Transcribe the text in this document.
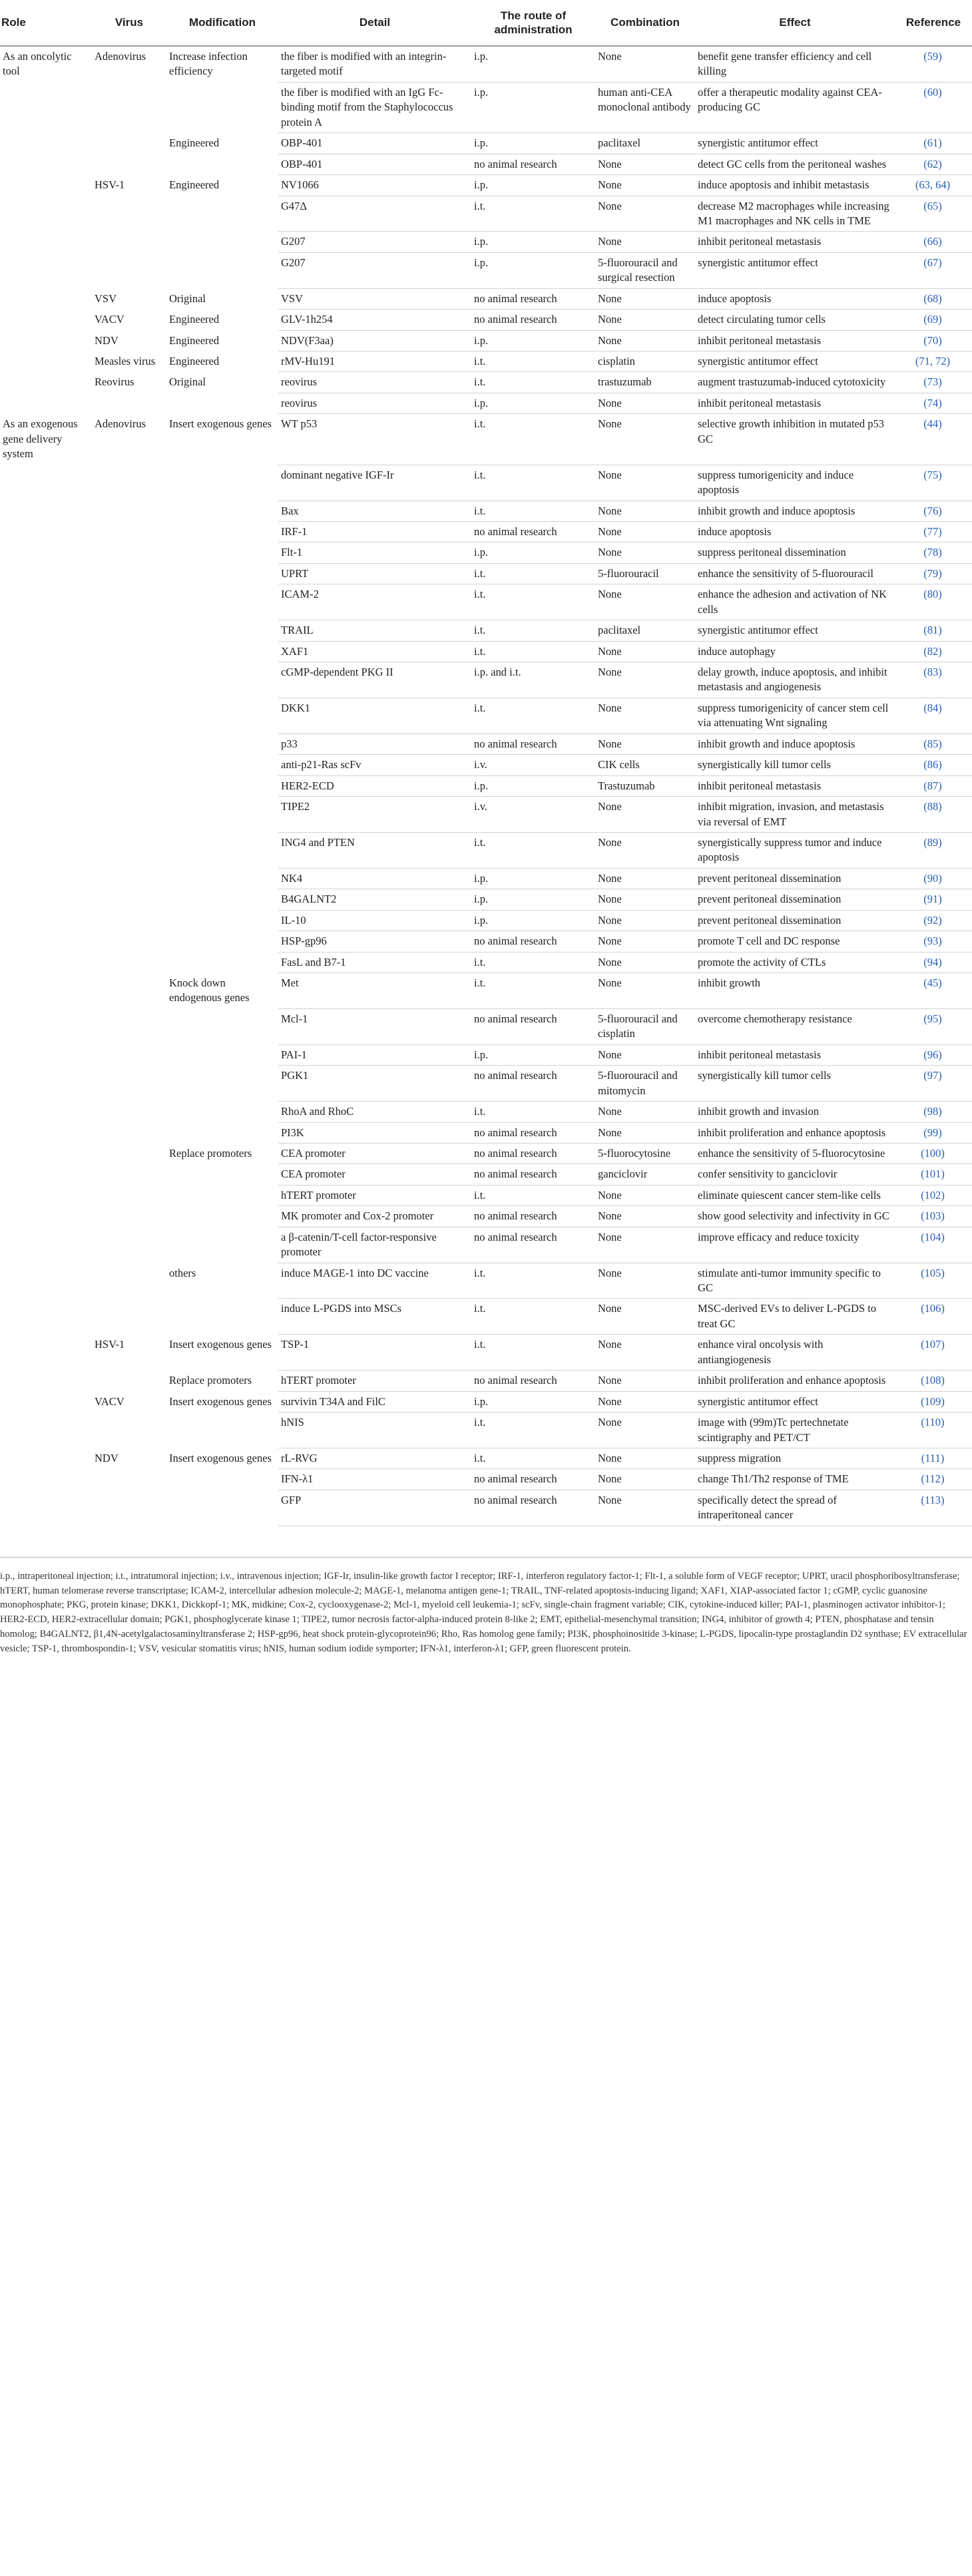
Role	Virus	Modification	Detail	The route of administration	Combination	Effect	Reference
As an oncolytic tool	Adenovirus	Increase infection efficiency	the fiber is modified with an integrin-targeted motif	i.p.	None	benefit gene transfer efficiency and cell killing	(59)
			the fiber is modified with an IgG Fc-binding motif from the Staphylococcus protein A	i.p.	human anti-CEA monoclonal antibody	offer a therapeutic modality against CEA-producing GC	(60)
		Engineered	OBP-401	i.p.	paclitaxel	synergistic antitumor effect	(61)
			OBP-401	no animal research	None	detect GC cells from the peritoneal washes	(62)
	HSV-1	Engineered	NV1066	i.p.	None	induce apoptosis and inhibit metastasis	(63, 64)
			G47Δ	i.t.	None	decrease M2 macrophages while increasing M1 macrophages and NK cells in TME	(65)
			G207	i.p.	None	inhibit peritoneal metastasis	(66)
			G207	i.p.	5-fluorouracil and surgical resection	synergistic antitumor effect	(67)
	VSV	Original	VSV	no animal research	None	induce apoptosis	(68)
	VACV	Engineered	GLV-1h254	no animal research	None	detect circulating tumor cells	(69)
	NDV	Engineered	NDV(F3aa)	i.p.	None	inhibit peritoneal metastasis	(70)
	Measles virus	Engineered	rMV-Hu191	i.t.	cisplatin	synergistic antitumor effect	(71, 72)
	Reovirus	Original	reovirus	i.t.	trastuzumab	augment trastuzumab-induced cytotoxicity	(73)
			reovirus	i.p.	None	inhibit peritoneal metastasis	(74)
As an exogenous gene delivery system	Adenovirus	Insert exogenous genes	WT p53	i.t.	None	selective growth inhibition in mutated p53 GC	(44)
			dominant negative IGF-Ir	i.t.	None	suppress tumorigenicity and induce apoptosis	(75)
			Bax	i.t.	None	inhibit growth and induce apoptosis	(76)
			IRF-1	no animal research	None	induce apoptosis	(77)
			Flt-1	i.p.	None	suppress peritoneal dissemination	(78)
			UPRT	i.t.	5-fluorouracil	enhance the sensitivity of 5-fluorouracil	(79)
			ICAM-2	i.t.	None	enhance the adhesion and activation of NK cells	(80)
			TRAIL	i.t.	paclitaxel	synergistic antitumor effect	(81)
			XAF1	i.t.	None	induce autophagy	(82)
			cGMP-dependent PKG II	i.p. and i.t.	None	delay growth, induce apoptosis, and inhibit metastasis and angiogenesis	(83)
			DKK1	i.t.	None	suppress tumorigenicity of cancer stem cell via attenuating Wnt signaling	(84)
			p33	no animal research	None	inhibit growth and induce apoptosis	(85)
			anti-p21-Ras scFv	i.v.	CIK cells	synergistically kill tumor cells	(86)
			HER2-ECD	i.p.	Trastuzumab	inhibit peritoneal metastasis	(87)
			TIPE2	i.v.	None	inhibit migration, invasion, and metastasis via reversal of EMT	(88)
			ING4 and PTEN	i.t.	None	synergistically suppress tumor and induce apoptosis	(89)
			NK4	i.p.	None	prevent peritoneal dissemination	(90)
			B4GALNT2	i.p.	None	prevent peritoneal dissemination	(91)
			IL-10	i.p.	None	prevent peritoneal dissemination	(92)
			HSP-gp96	no animal research	None	promote T cell and DC response	(93)
			FasL and B7-1	i.t.	None	promote the activity of CTLs	(94)
		Knock down endogenous genes	Met	i.t.	None	inhibit growth	(45)
			Mcl-1	no animal research	5-fluorouracil and cisplatin	overcome chemotherapy resistance	(95)
			PAI-1	i.p.	None	inhibit peritoneal metastasis	(96)
			PGK1	no animal research	5-fluorouracil and mitomycin	synergistically kill tumor cells	(97)
			RhoA and RhoC	i.t.	None	inhibit growth and invasion	(98)
			PI3K	no animal research	None	inhibit proliferation and enhance apoptosis	(99)
		Replace promoters	CEA promoter	no animal research	5-fluorocytosine	enhance the sensitivity of 5-fluorocytosine	(100)
			CEA promoter	no animal research	ganciclovir	confer sensitivity to ganciclovir	(101)
			hTERT promoter	i.t.	None	eliminate quiescent cancer stem-like cells	(102)
			MK promoter and Cox-2 promoter	no animal research	None	show good selectivity and infectivity in GC	(103)
			a β-catenin/T-cell factor-responsive promoter	no animal research	None	improve efficacy and reduce toxicity	(104)
		others	induce MAGE-1 into DC vaccine	i.t.	None	stimulate anti-tumor immunity specific to GC	(105)
			induce L-PGDS into MSCs	i.t.	None	MSC-derived EVs to deliver L-PGDS to treat GC	(106)
	HSV-1	Insert exogenous genes	TSP-1	i.t.	None	enhance viral oncolysis with antiangiogenesis	(107)
		Replace promoters	hTERT promoter	no animal research	None	inhibit proliferation and enhance apoptosis	(108)
	VACV	Insert exogenous genes	survivin T34A and FilC	i.p.	None	synergistic antitumor effect	(109)
			hNIS	i.t.	None	image with (99m)Tc pertechnetate scintigraphy and PET/CT	(110)
	NDV	Insert exogenous genes	rL-RVG	i.t.	None	suppress migration	(111)
			IFN-λ1	no animal research	None	change Th1/Th2 response of TME	(112)
			GFP	no animal research	None	specifically detect the spread of intraperitoneal cancer	(113)
i.p., intraperitoneal injection; i.t., intratumoral injection; i.v., intravenous injection; IGF-Ir, insulin-like growth factor I receptor; IRF-1, interferon regulatory factor-1; Flt-1, a soluble form of VEGF receptor; UPRT, uracil phosphoribosyltransferase; hTERT, human telomerase reverse transcriptase; ICAM-2, intercellular adhesion molecule-2; MAGE-1, melanoma antigen gene-1; TRAIL, TNF-related apoptosis-inducing ligand; XAF1, XIAP-associated factor 1; cGMP, cyclic guanosine monophosphate; PKG, protein kinase; DKK1, Dickkopf-1; MK, midkine; Cox-2, cyclooxygenase-2; Mcl-1, myeloid cell leukemia-1; scFv, single-chain fragment variable; CIK, cytokine-induced killer; PAI-1, plasminogen activator inhibitor-1; HER2-ECD, HER2-extracellular domain; PGK1, phosphoglycerate kinase 1; TIPE2, tumor necrosis factor-alpha-induced protein 8-like 2; EMT, epithelial-mesenchymal transition; ING4, inhibitor of growth 4; PTEN, phosphatase and tensin homolog; B4GALNT2, β1,4N-acetylgalactosaminyltransferase 2; HSP-gp96, heat shock protein-glycoprotein96; Rho, Ras homolog gene family; PI3K, phosphoinositide 3-kinase; L-PGDS, lipocalin-type prostaglandin D2 synthase; EV extracellular vesicle; TSP-1, thrombospondin-1; VSV, vesicular stomatitis virus; hNIS, human sodium iodide symporter; IFN-λ1, interferon-λ1; GFP, green fluorescent protein.
